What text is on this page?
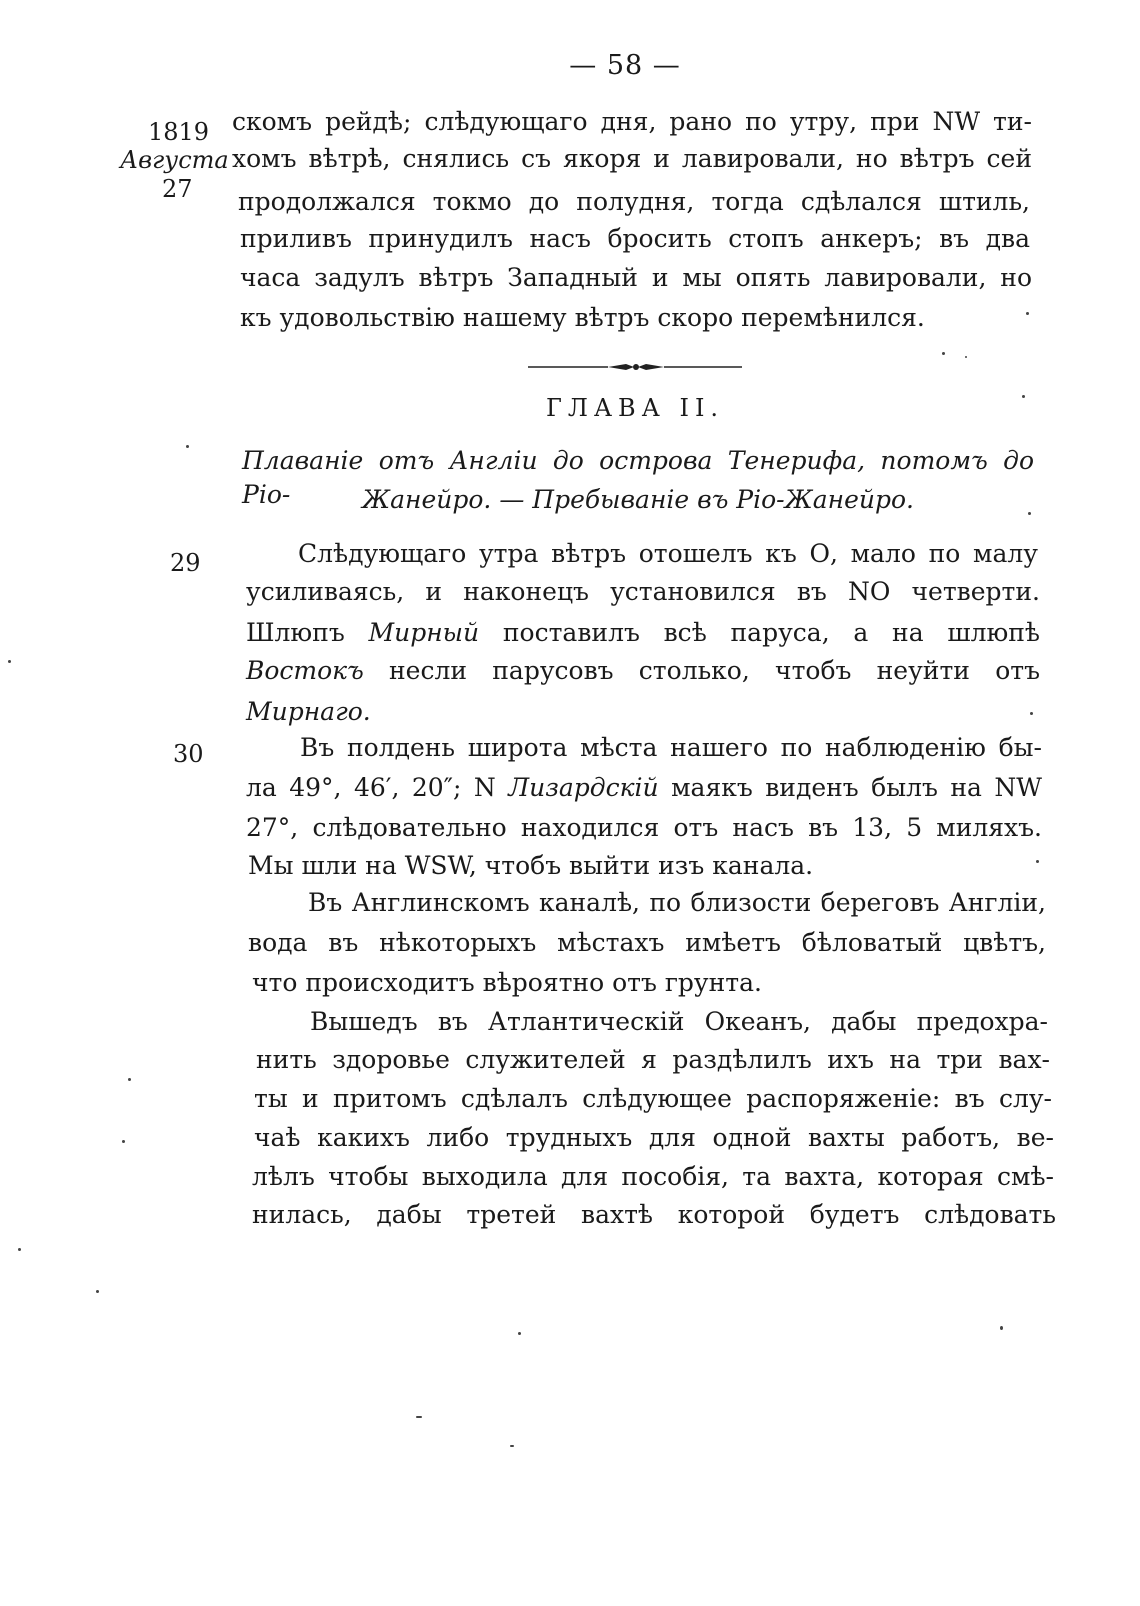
— 58 —
1819
Августа
27
29
30
скомъ рейдѣ; слѣдующаго дня, рано по утру, при NW ти-
хомъ вѣтрѣ, снялись съ якоря и лавировали, но вѣтръ сей
продолжался токмо до полудня, тогда сдѣлался штиль,
приливъ принудилъ насъ бросить стопъ анкеръ; въ два
часа задулъ вѣтръ Западный и мы опять лавировали, но
къ удовольствію нашему вѣтръ скоро перемѣнился.
ГЛАВА II.
Плаваніе отъ Англіи до острова Тенерифа, потомъ до Ріо-	Жанейро. — Пребываніе въ Ріо-Жанейро.
Слѣдующаго утра вѣтръ отошелъ къ О, мало по малу
усиливаясь, и наконецъ установился въ NO четверти.
Шлюпъ Мирный поставилъ всѣ паруса, а на шлюпѣ
Востокъ несли парусовъ столько, чтобъ неуйти отъ
Мирнаго.
Въ полдень широта мѣста нашего по наблюденію бы-
ла 49°, 46′, 20″; N Лизардскій маякъ виденъ былъ на NW
27°, слѣдовательно находился отъ насъ въ 13, 5 миляхъ.
Мы шли на WSW, чтобъ выйти изъ канала.
Въ Англинскомъ каналѣ, по близости береговъ Англіи,
вода въ нѣкоторыхъ мѣстахъ имѣетъ бѣловатый цвѣтъ,
что происходитъ вѣроятно отъ грунта.
Вышедъ въ Атлантическій Океанъ, дабы предохра-
нить здоровье служителей я раздѣлилъ ихъ на три вах-
ты и притомъ сдѣлалъ слѣдующее распоряженіе: въ слу-
чаѣ какихъ либо трудныхъ для одной вахты работъ, ве-
лѣлъ чтобы выходила для пособія, та вахта, которая смѣ-
нилась, дабы третей вахтѣ которой будетъ слѣдовать
